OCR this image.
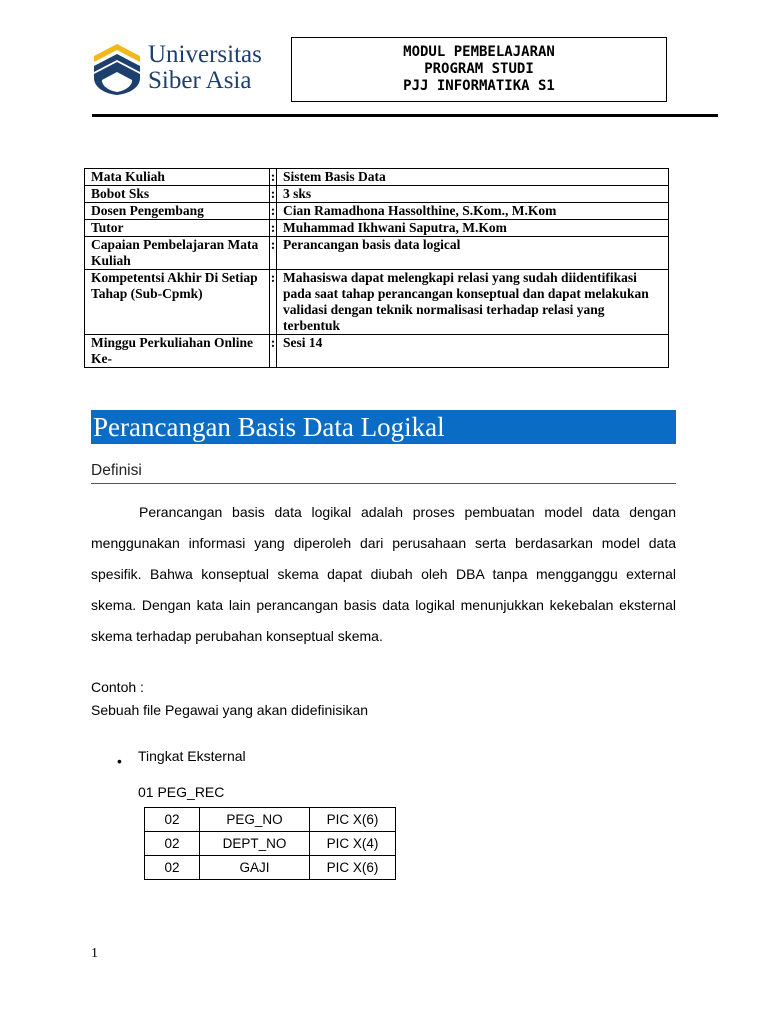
Universitas
Siber Asia
MODUL PEMBELAJARAN
PROGRAM STUDI
PJJ INFORMATIKA S1
Mata Kuliah	:	Sistem Basis Data
Bobot Sks	:	3 sks
Dosen Pengembang	:	Cian Ramadhona Hassolthine, S.Kom., M.Kom
Tutor	:	Muhammad Ikhwani Saputra, M.Kom
Capaian Pembelajaran Mata Kuliah	:	Perancangan basis data logical
Kompetentsi Akhir Di Setiap Tahap (Sub-Cpmk)	:	Mahasiswa dapat melengkapi relasi yang sudah diidentifikasi pada saat tahap perancangan konseptual dan dapat melakukan validasi dengan teknik normalisasi terhadap relasi yang terbentuk
Minggu Perkuliahan Online Ke-	:	Sesi 14
Perancangan Basis Data Logikal
Definisi
Perancangan basis data logikal adalah proses pembuatan model data dengan menggunakan informasi yang diperoleh dari perusahaan serta berdasarkan model data spesifik. Bahwa konseptual skema dapat diubah oleh DBA tanpa mengganggu external skema. Dengan kata lain perancangan basis data logikal menunjukkan kekebalan eksternal skema terhadap perubahan konseptual skema.
Contoh :
Sebuah file Pegawai yang akan didefinisikan
• Tingkat Eksternal
01 PEG_REC
02	PEG_NO	PIC X(6)
02	DEPT_NO	PIC X(4)
02	GAJI	PIC X(6)
1
